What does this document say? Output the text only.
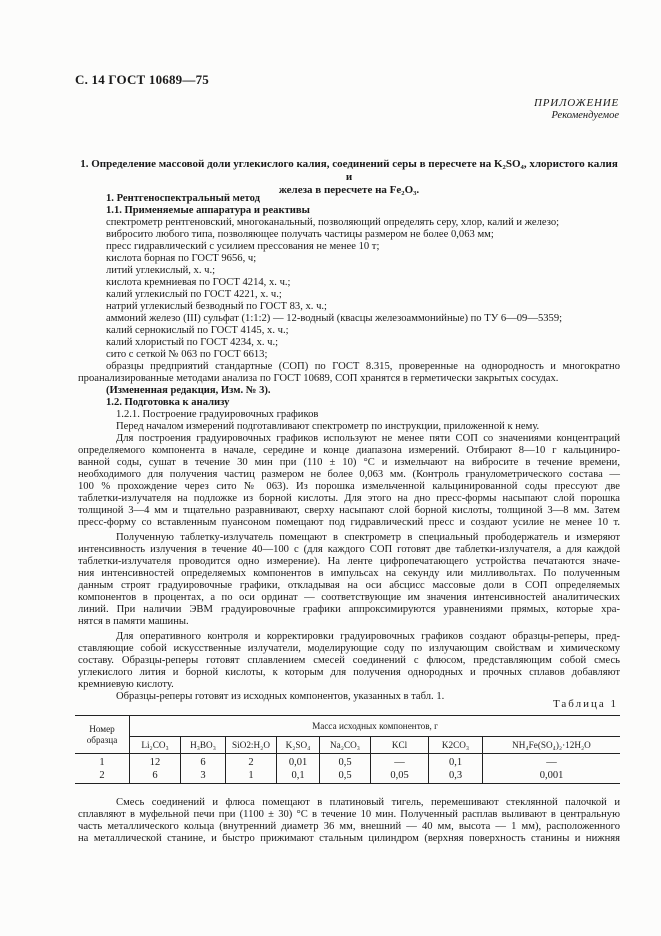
С. 14 ГОСТ 10689—75
ПРИЛОЖЕНИЕ
Рекомендуемое
1. Определение массовой доли углекислого калия, соединений серы в пересчете на K₂SO₄, хлористого калия и
железа в пересчете на Fe₂O₃.
1. Рентгеноспектральный метод
1.1. Применяемые аппаратура и реактивы
спектрометр рентгеновский, многоканальный, позволяющий определять серу, хлор, калий и железо;
вибросито любого типа, позволяющее получать частицы размером не более 0,063 мм;
пресс гидравлический с усилием прессования не менее 10 т;
кислота борная по ГОСТ 9656, ч;
литий углекислый, х. ч.;
кислота кремниевая по ГОСТ 4214, х. ч.;
калий углекислый по ГОСТ 4221, х. ч.;
натрий углекислый безводный по ГОСТ 83, х. ч.;
аммоний железо (III) сульфат (1:1:2) — 12-водный (квасцы железоаммонийные) по ТУ 6—09—5359;
калий сернокислый по ГОСТ 4145, х. ч.;
калий хлористый по ГОСТ 4234, х. ч.;
сито с сеткой № 063 по ГОСТ 6613;
образцы предприятий стандартные (СОП) по ГОСТ 8.315, проверенные на однородность и многократно
проанализированные методами анализа по ГОСТ 10689, СОП хранятся в герметически закрытых сосудах.
(Измененная редакция, Изм. № 3).
1.2. Подготовка к анализу
1.2.1. Построение градуировочных графиков
Перед началом измерений подготавливают спектрометр по инструкции, приложенной к нему.
Для построения градуировочных графиков используют не менее пяти СОП со значениями концентраций
определяемого компонента в начале, середине и конце диапазона измерений. Отбирают 8—10 г кальциниро-
ванной соды, сушат в течение 30 мин при (110 ± 10) °С и измельчают на вибросите в течение времени,
необходимого для получения частиц размером не более 0,063 мм. (Контроль гранулометрического состава —
100 % прохождение через сито № 063). Из порошка измельченной кальцинированной соды прессуют две
таблетки-излучателя на подложке из борной кислоты. Для этого на дно пресс-формы насыпают слой порошка
толщиной 3—4 мм и тщательно разравнивают, сверху насыпают слой борной кислоты, толщиной 3—8 мм. Затем
пресс-форму со вставленным пуансоном помещают под гидравлический пресс и создают усилие не менее 10 т.
Полученную таблетку-излучатель помещают в спектрометр в специальный прободержатель и измеряют
интенсивность излучения в течение 40—100 с (для каждого СОП готовят две таблетки-излучателя, а для каждой
таблетки-излучателя проводится одно измерение). На ленте цифропечатающего устройства печатаются значе-
ния интенсивностей определяемых компонентов в импульсах на секунду или милливольтах. По полученным
данным строят градуировочные графики, откладывая на оси абсцисс массовые доли в СОП определяемых
компонентов в процентах, а по оси ординат — соответствующие им значения интенсивностей аналитических
линий. При наличии ЭВМ градуировочные графики аппроксимируются уравнениями прямых, которые хра-
нятся в памяти машины.
Для оперативного контроля и корректировки градуировочных графиков создают образцы-реперы, пред-
ставляющие собой искусственные излучатели, моделирующие соду по излучающим свойствам и химическому
составу. Образцы-реперы готовят сплавлением смесей соединений с флюсом, представляющим собой смесь
углекислого лития и борной кислоты, к которым для получения однородных и прочных сплавов добавляют
кремниевую кислоту.
Образцы-реперы готовят из исходных компонентов, указанных в табл. 1.
Таблица 1
Номер
образца	Масса исходных компонентов, г							
	Li₂CO₃	H₃BO₃	SiO2:H₂O	K₂SO₄	Na₂CO₃	KCl	K2CO₃	NH₄Fe(SO₄)₂·12H₂O
1	12	6	2	0,01	0,5	—	0,1	—
2	6	3	1	0,1	0,5	0,05	0,3	0,001
Смесь соединений и флюса помещают в платиновый тигель, перемешивают стеклянной палочкой и
сплавляют в муфельной печи при (1100 ± 30) °С в течение 10 мин. Полученный расплав выливают в центральную
часть металлического кольца (внутренний диаметр 36 мм, внешний — 40 мм, высота — 1 мм), расположенного
на металлической станине, и быстро прижимают стальным цилиндром (верхняя поверхность станины и нижняя
